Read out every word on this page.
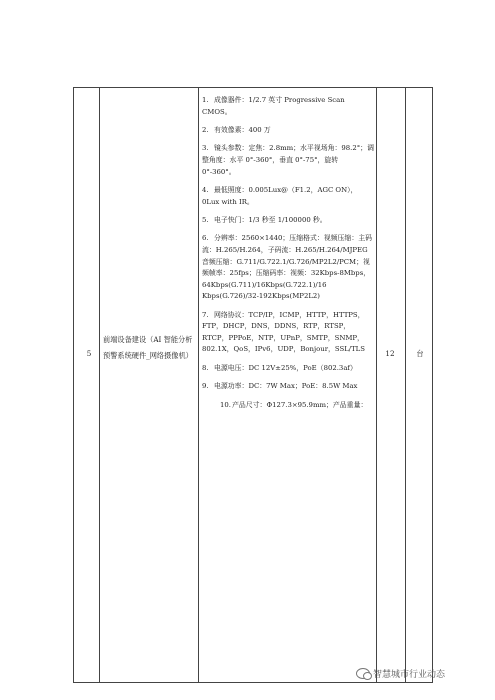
5
前端设备建设（AI 智能分析预警系统硬件_网络摄像机）	12	台
1. 成像器件：1/2.7 英寸 Progressive Scan CMOS。
2. 有效像素：400 万
3. 镜头参数：定焦：2.8mm；水平视场角：98.2°；调整角度：水平 0°-360°，垂直 0°-75°，旋转 0°-360°。
4. 最低照度：0.005Lux@（F1.2，AGC ON），0Lux with IR。
5. 电子快门：1/3 秒至 1/100000 秒。
6. 分辨率：2560×1440；压缩格式：视频压缩：主码流：H.265/H.264，子码流：H.265/H.264/MJPEG 音频压缩：G.711/G.722.1/G.726/MP2L2/PCM；视频帧率：25fps；压缩码率：视频：32Kbps-8Mbps，64Kbps(G.711)/16Kbps(G.722.1)/16 Kbps(G.726)/32-192Kbps(MP2L2)
7. 网络协议：TCP/IP，ICMP，HTTP，HTTPS，FTP，DHCP，DNS，DDNS，RTP，RTSP，RTCP，PPPoE，NTP，UPnP，SMTP，SNMP，802.1X，QoS，IPv6，UDP，Bonjour，SSL/TLS
8. 电源电压：DC 12V±25%，PoE（802.3af）
9. 电源功率：DC：7W Max；PoE：8.5W Max
10.产品尺寸：Φ127.3×95.9mm；产品重量：
智慧城市行业动态
